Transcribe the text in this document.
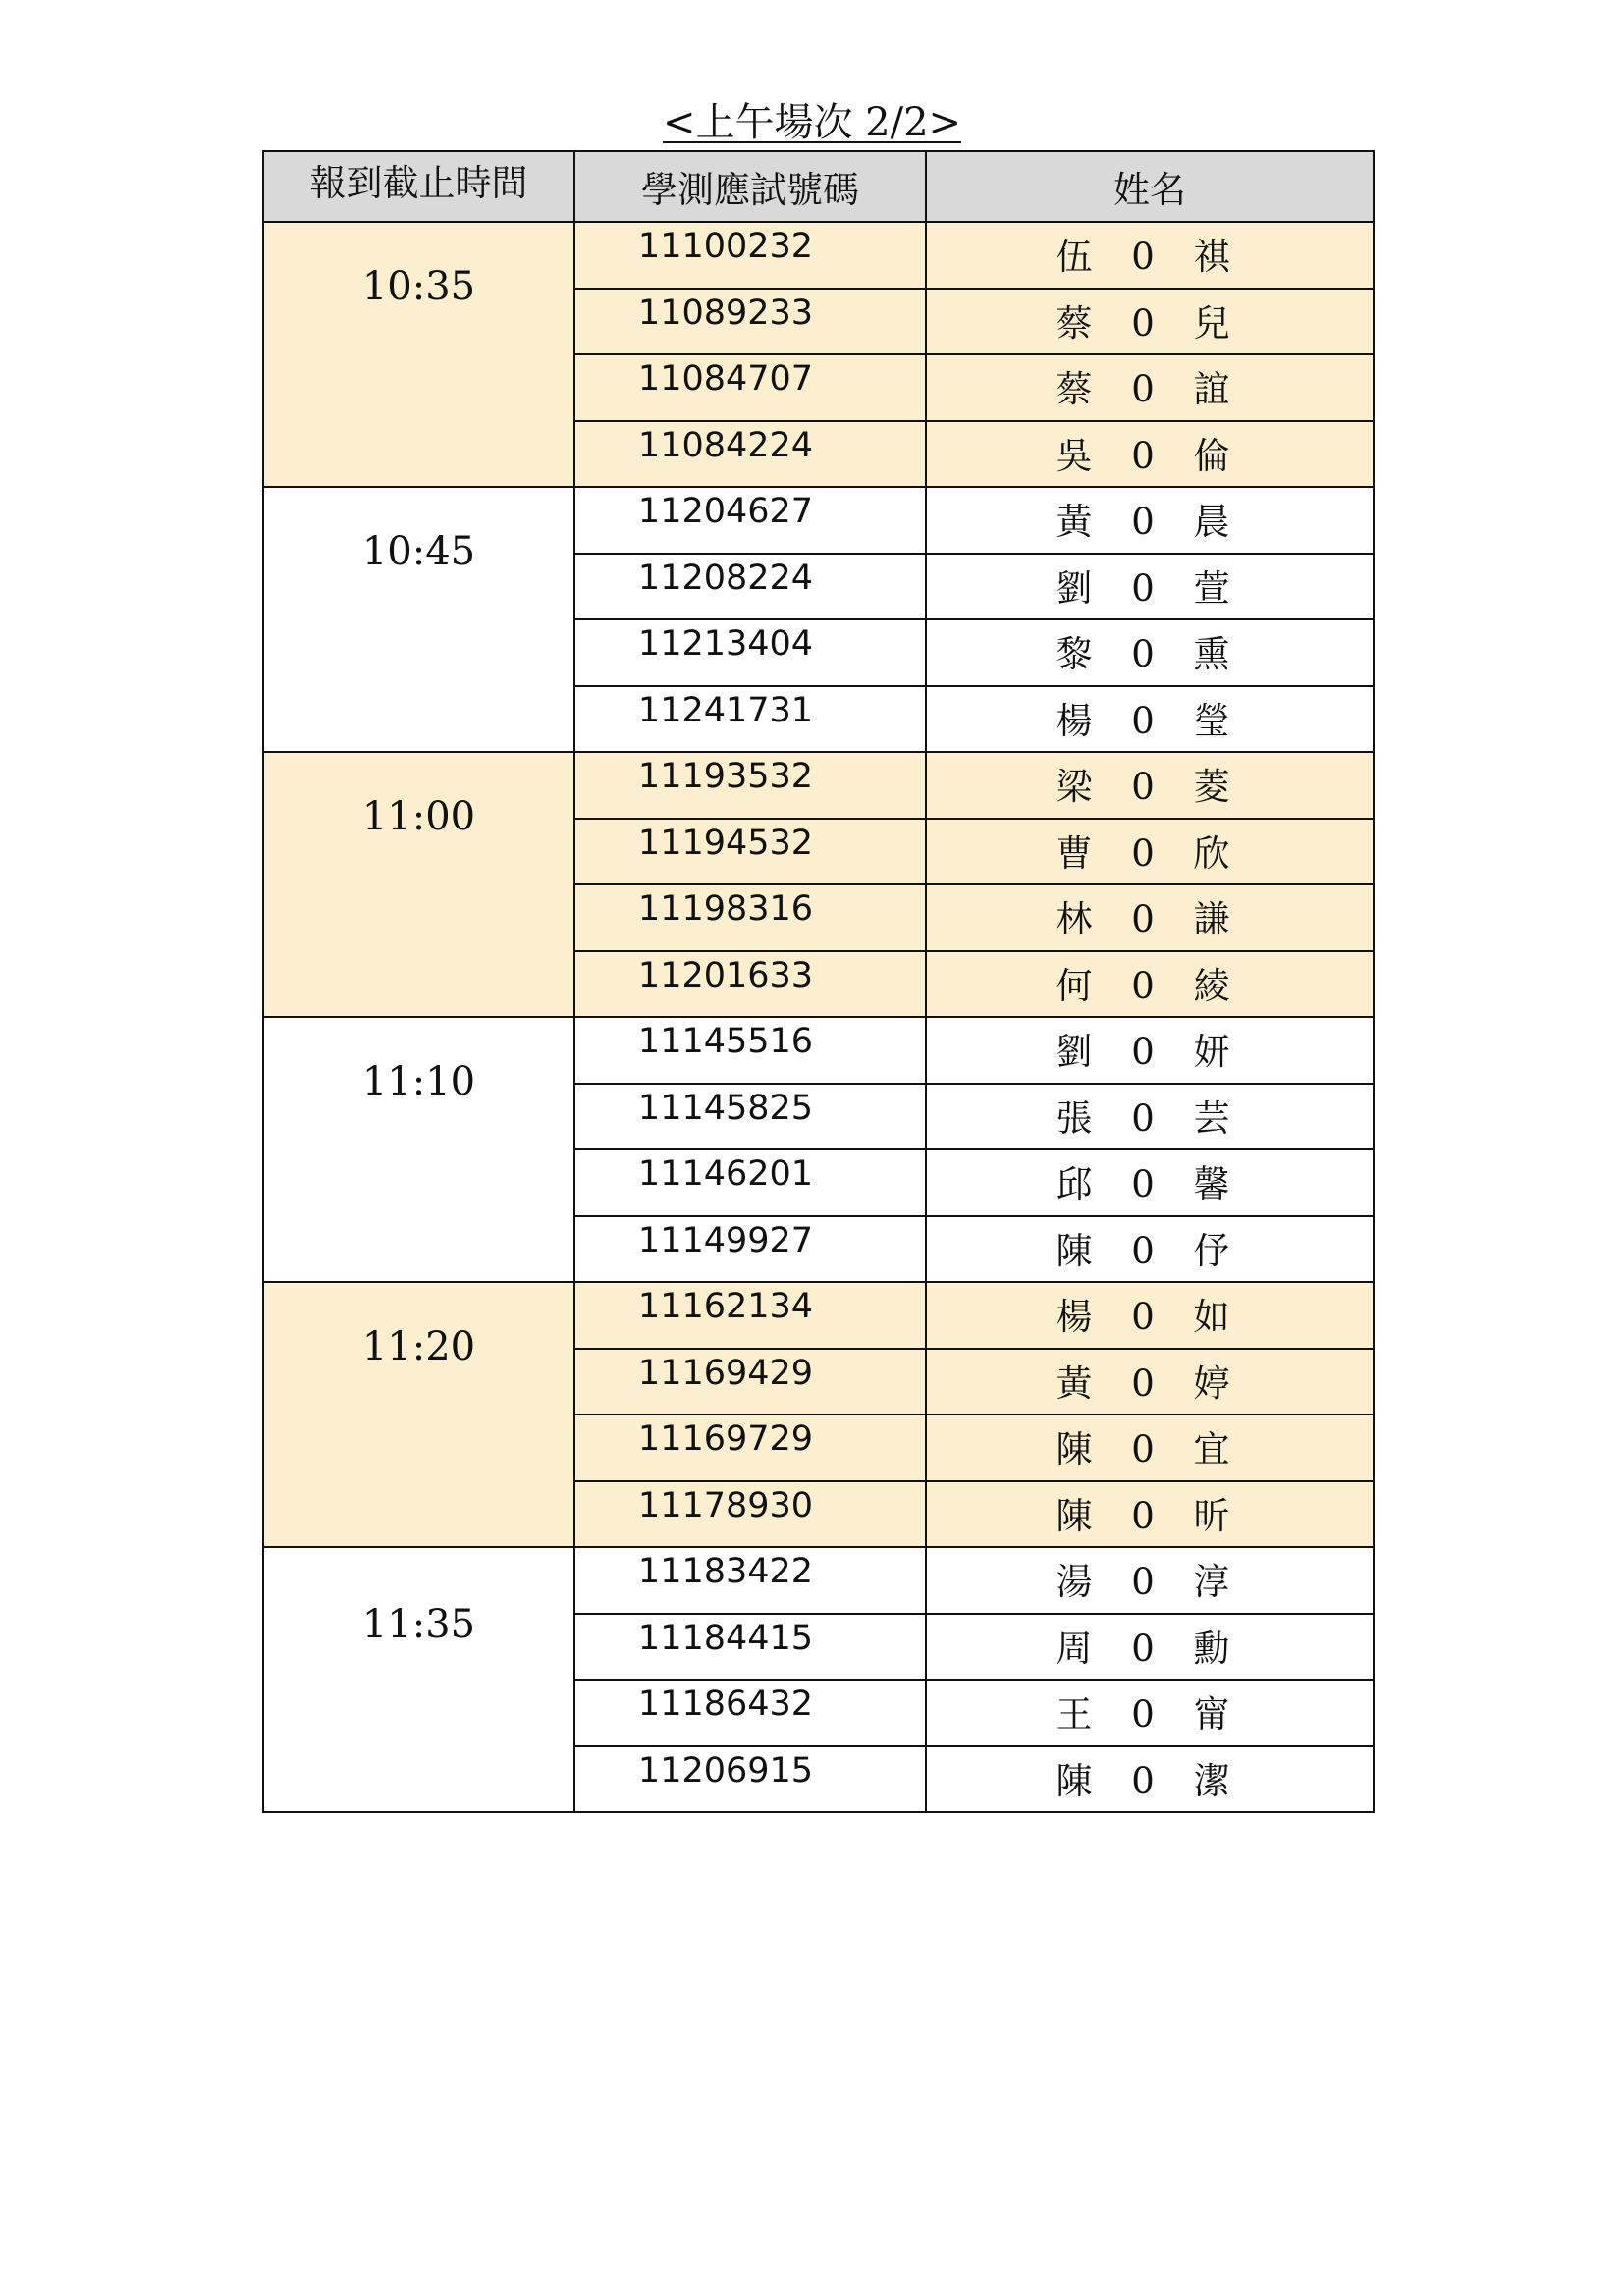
<上午場次 2/2>
報到截止時間	學測應試號碼	姓名
10:35	11100232	伍 0 祺
	11089233	蔡 0 兒
	11084707	蔡 0 誼
	11084224	吳 0 倫
10:45	11204627	黃 0 晨
	11208224	劉 0 萱
	11213404	黎 0 熏
	11241731	楊 0 瑩
11:00	11193532	梁 0 菱
	11194532	曹 0 欣
	11198316	林 0 謙
	11201633	何 0 綾
11:10	11145516	劉 0 妍
	11145825	張 0 芸
	11146201	邱 0 馨
	11149927	陳 0 伃
11:20	11162134	楊 0 如
	11169429	黃 0 婷
	11169729	陳 0 宜
	11178930	陳 0 昕
11:35	11183422	湯 0 淳
	11184415	周 0 勳
	11186432	王 0 甯
	11206915	陳 0 潔
